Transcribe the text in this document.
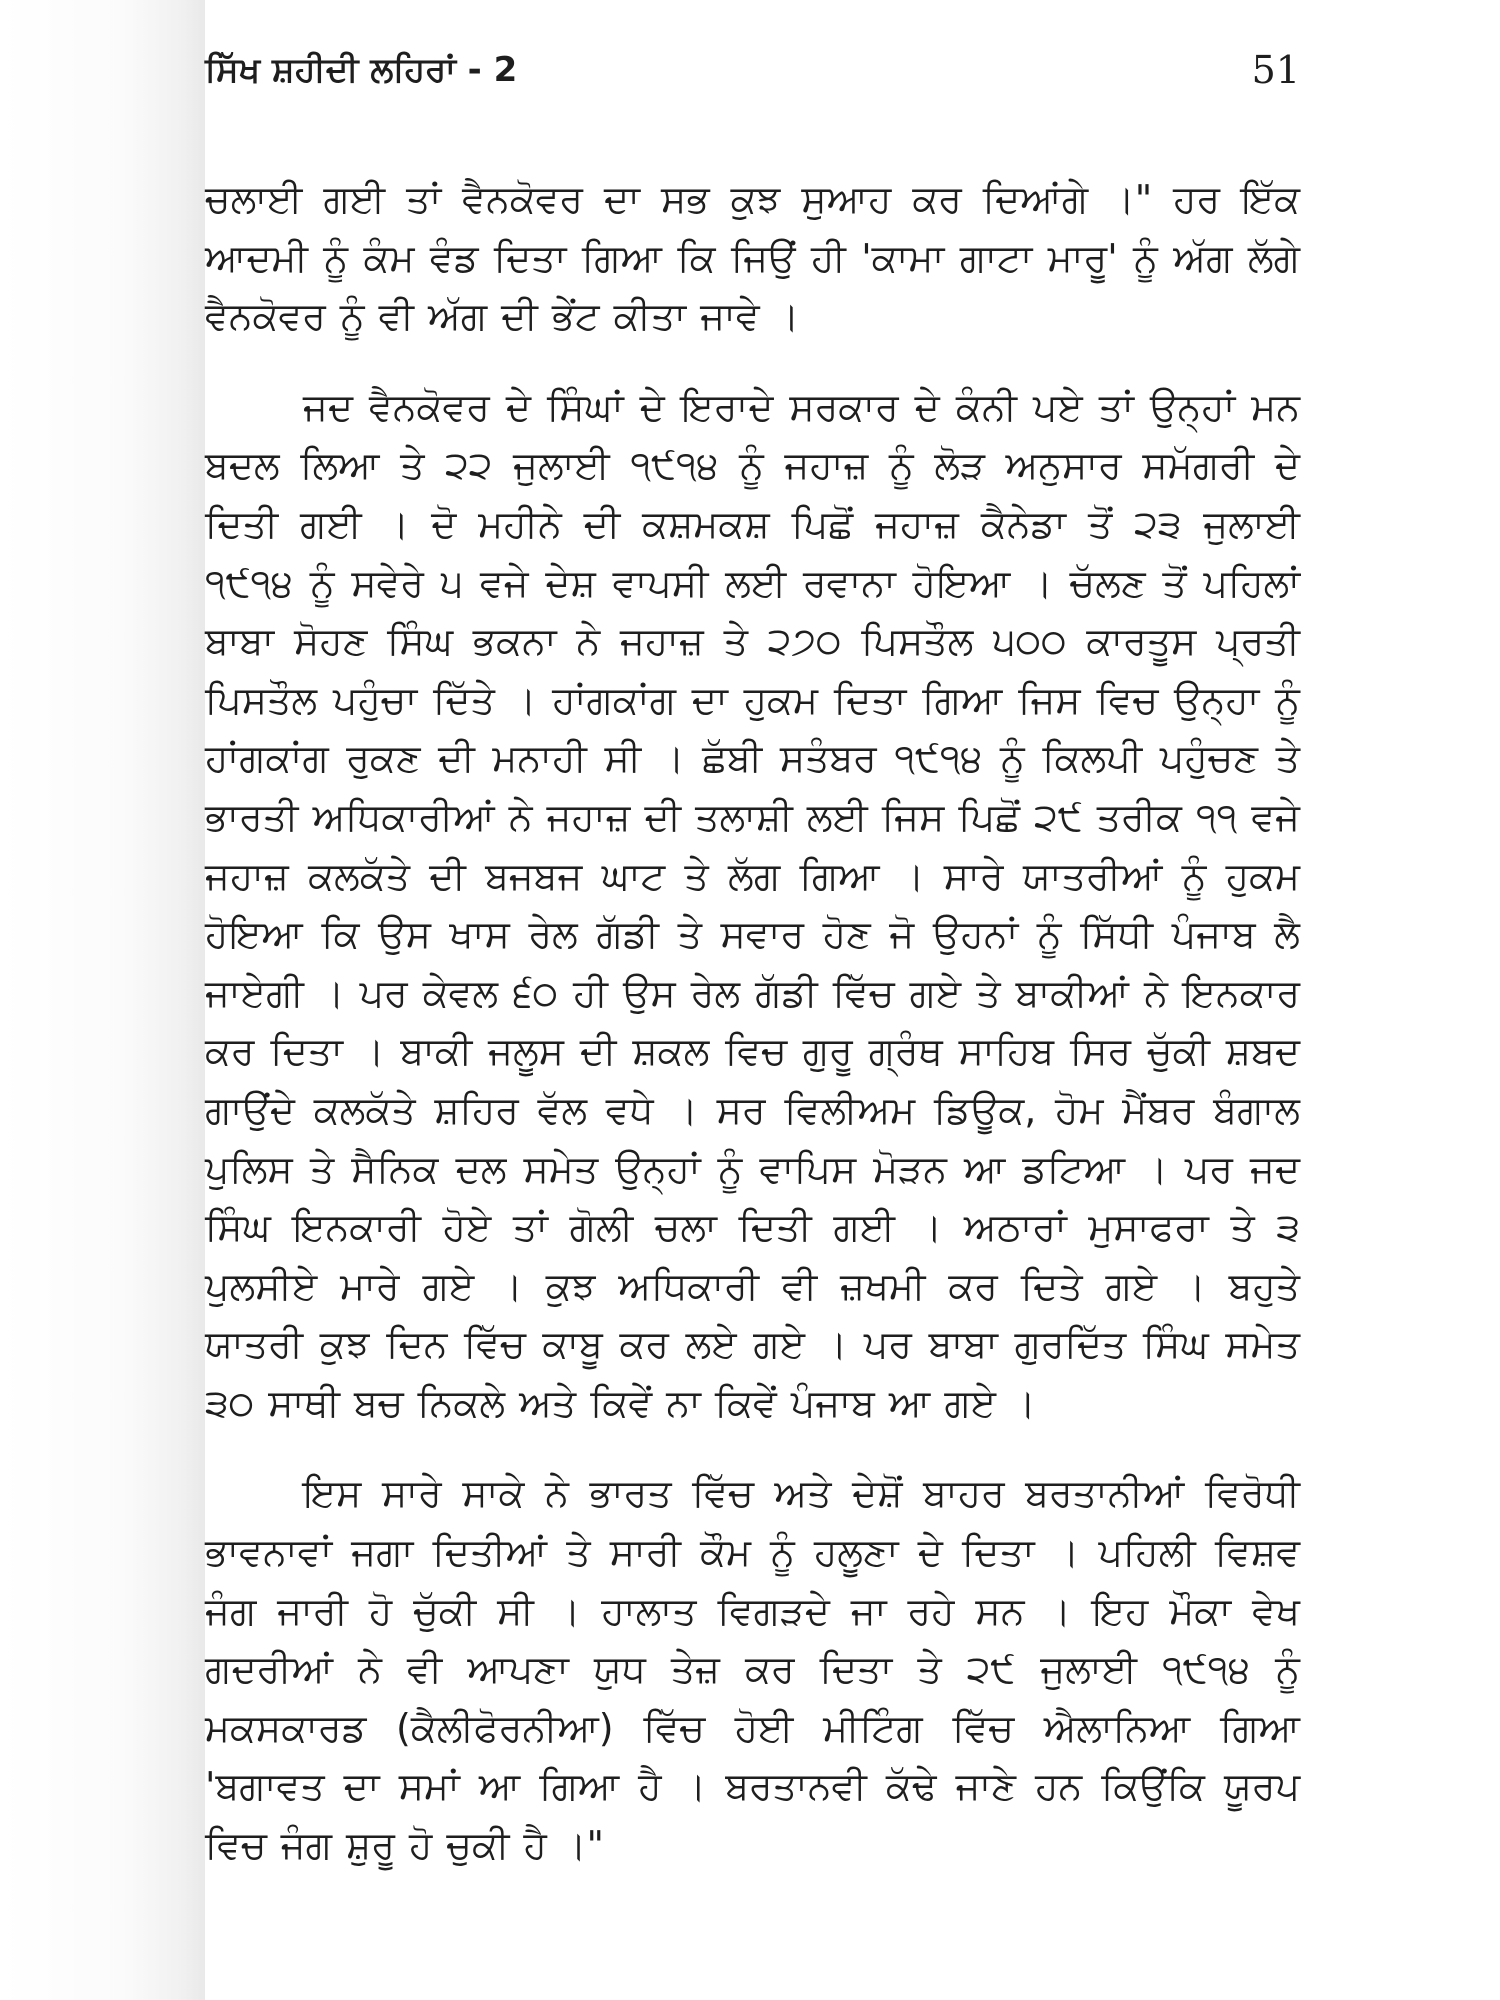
ਸਿੱਖ ਸ਼ਹੀਦੀ ਲਹਿਰਾਂ - 2	51

ਚਲਾਈ ਗਈ ਤਾਂ ਵੈਨਕੋਵਰ ਦਾ ਸਭ ਕੁਝ ਸੁਆਹ ਕਰ ਦਿਆਂਗੇ ।" ਹਰ ਇੱਕ ਆਦਮੀ ਨੂੰ ਕੰਮ ਵੰਡ ਦਿਤਾ ਗਿਆ ਕਿ ਜਿਉਂ ਹੀ 'ਕਾਮਾ ਗਾਟਾ ਮਾਰੂ' ਨੂੰ ਅੱਗ ਲੱਗੇ ਵੈਨਕੋਵਰ ਨੂੰ ਵੀ ਅੱਗ ਦੀ ਭੇਂਟ ਕੀਤਾ ਜਾਵੇ ।

ਜਦ ਵੈਨਕੋਵਰ ਦੇ ਸਿੰਘਾਂ ਦੇ ਇਰਾਦੇ ਸਰਕਾਰ ਦੇ ਕੰਨੀ ਪਏ ਤਾਂ ਉਨ੍ਹਾਂ ਮਨ ਬਦਲ ਲਿਆ ਤੇ ੨੨ ਜੁਲਾਈ ੧੯੧੪ ਨੂੰ ਜਹਾਜ਼ ਨੂੰ ਲੋੜ ਅਨੁਸਾਰ ਸਮੱਗਰੀ ਦੇ ਦਿਤੀ ਗਈ । ਦੋ ਮਹੀਨੇ ਦੀ ਕਸ਼ਮਕਸ਼ ਪਿਛੋਂ ਜਹਾਜ਼ ਕੈਨੇਡਾ ਤੋਂ ੨੩ ਜੁਲਾਈ ੧੯੧੪ ਨੂੰ ਸਵੇਰੇ ੫ ਵਜੇ ਦੇਸ਼ ਵਾਪਸੀ ਲਈ ਰਵਾਨਾ ਹੋਇਆ । ਚੱਲਣ ਤੋਂ ਪਹਿਲਾਂ ਬਾਬਾ ਸੋਹਣ ਸਿੰਘ ਭਕਨਾ ਨੇ ਜਹਾਜ਼ ਤੇ ੨੭੦ ਪਿਸਤੌਲ ੫੦੦ ਕਾਰਤੂਸ ਪ੍ਰਤੀ ਪਿਸਤੌਲ ਪਹੁੰਚਾ ਦਿੱਤੇ । ਹਾਂਗਕਾਂਗ ਦਾ ਹੁਕਮ ਦਿਤਾ ਗਿਆ ਜਿਸ ਵਿਚ ਉਨ੍ਹਾ ਨੂੰ ਹਾਂਗਕਾਂਗ ਰੁਕਣ ਦੀ ਮਨਾਹੀ ਸੀ । ਛੱਬੀ ਸਤੰਬਰ ੧੯੧੪ ਨੂੰ ਕਿਲਪੀ ਪਹੁੰਚਣ ਤੇ ਭਾਰਤੀ ਅਧਿਕਾਰੀਆਂ ਨੇ ਜਹਾਜ਼ ਦੀ ਤਲਾਸ਼ੀ ਲਈ ਜਿਸ ਪਿਛੋਂ ੨੯ ਤਰੀਕ ੧੧ ਵਜੇ ਜਹਾਜ਼ ਕਲਕੱਤੇ ਦੀ ਬਜਬਜ ਘਾਟ ਤੇ ਲੱਗ ਗਿਆ । ਸਾਰੇ ਯਾਤਰੀਆਂ ਨੂੰ ਹੁਕਮ ਹੋਇਆ ਕਿ ਉਸ ਖਾਸ ਰੇਲ ਗੱਡੀ ਤੇ ਸਵਾਰ ਹੋਣ ਜੋ ਉਹਨਾਂ ਨੂੰ ਸਿੱਧੀ ਪੰਜਾਬ ਲੈ ਜਾਏਗੀ । ਪਰ ਕੇਵਲ ੬੦ ਹੀ ਉਸ ਰੇਲ ਗੱਡੀ ਵਿੱਚ ਗਏ ਤੇ ਬਾਕੀਆਂ ਨੇ ਇਨਕਾਰ ਕਰ ਦਿਤਾ । ਬਾਕੀ ਜਲੂਸ ਦੀ ਸ਼ਕਲ ਵਿਚ ਗੁਰੂ ਗ੍ਰੰਥ ਸਾਹਿਬ ਸਿਰ ਚੁੱਕੀ ਸ਼ਬਦ ਗਾਉਂਦੇ ਕਲਕੱਤੇ ਸ਼ਹਿਰ ਵੱਲ ਵਧੇ । ਸਰ ਵਿਲੀਅਮ ਡਿਊਕ, ਹੋਮ ਮੈਂਬਰ ਬੰਗਾਲ ਪੁਲਿਸ ਤੇ ਸੈਨਿਕ ਦਲ ਸਮੇਤ ਉਨ੍ਹਾਂ ਨੂੰ ਵਾਪਿਸ ਮੋੜਨ ਆ ਡਟਿਆ । ਪਰ ਜਦ ਸਿੰਘ ਇਨਕਾਰੀ ਹੋਏ ਤਾਂ ਗੋਲੀ ਚਲਾ ਦਿਤੀ ਗਈ । ਅਠਾਰਾਂ ਮੁਸਾਫਰਾ ਤੇ ੩ ਪੁਲਸੀਏ ਮਾਰੇ ਗਏ । ਕੁਝ ਅਧਿਕਾਰੀ ਵੀ ਜ਼ਖਮੀ ਕਰ ਦਿਤੇ ਗਏ । ਬਹੁਤੇ ਯਾਤਰੀ ਕੁਝ ਦਿਨ ਵਿੱਚ ਕਾਬੂ ਕਰ ਲਏ ਗਏ । ਪਰ ਬਾਬਾ ਗੁਰਦਿੱਤ ਸਿੰਘ ਸਮੇਤ ੩੦ ਸਾਥੀ ਬਚ ਨਿਕਲੇ ਅਤੇ ਕਿਵੇਂ ਨਾ ਕਿਵੇਂ ਪੰਜਾਬ ਆ ਗਏ ।

ਇਸ ਸਾਰੇ ਸਾਕੇ ਨੇ ਭਾਰਤ ਵਿੱਚ ਅਤੇ ਦੇਸ਼ੋਂ ਬਾਹਰ ਬਰਤਾਨੀਆਂ ਵਿਰੋਧੀ ਭਾਵਨਾਵਾਂ ਜਗਾ ਦਿਤੀਆਂ ਤੇ ਸਾਰੀ ਕੌਮ ਨੂੰ ਹਲੂਣਾ ਦੇ ਦਿਤਾ । ਪਹਿਲੀ ਵਿਸ਼ਵ ਜੰਗ ਜਾਰੀ ਹੋ ਚੁੱਕੀ ਸੀ । ਹਾਲਾਤ ਵਿਗੜਦੇ ਜਾ ਰਹੇ ਸਨ । ਇਹ ਮੌਕਾ ਵੇਖ ਗਦਰੀਆਂ ਨੇ ਵੀ ਆਪਣਾ ਯੁਧ ਤੇਜ਼ ਕਰ ਦਿਤਾ ਤੇ ੨੯ ਜੁਲਾਈ ੧੯੧੪ ਨੂੰ ਮਕਸਕਾਰਡ (ਕੈਲੀਫੋਰਨੀਆ) ਵਿੱਚ ਹੋਈ ਮੀਟਿੰਗ ਵਿੱਚ ਐਲਾਨਿਆ ਗਿਆ 'ਬਗਾਵਤ ਦਾ ਸਮਾਂ ਆ ਗਿਆ ਹੈ । ਬਰਤਾਨਵੀ ਕੱਢੇ ਜਾਣੇ ਹਨ ਕਿਉਂਕਿ ਯੂਰਪ ਵਿਚ ਜੰਗ ਸ਼ੁਰੂ ਹੋ ਚੁਕੀ ਹੈ ।"
